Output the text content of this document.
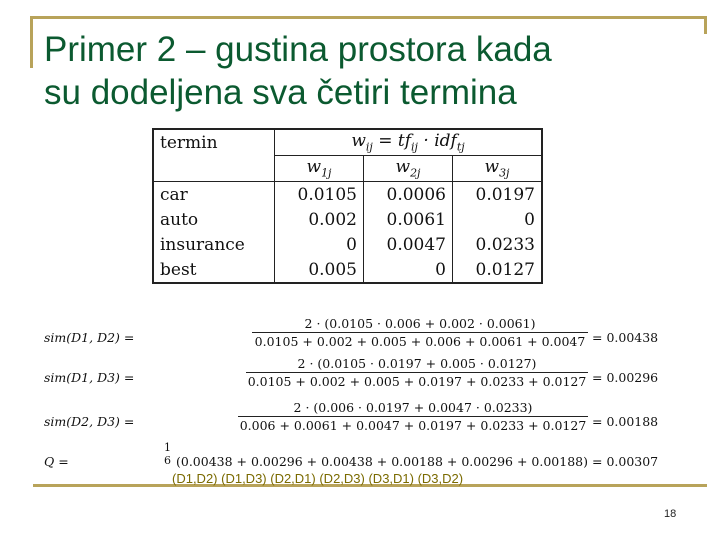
Primer 2 – gustina prostora kada
su dodeljena sva četiri termina
termin	$w_{ij} = tf_{ij} \cdot idf_{tj}$
	$w_{1j}$	$w_{2j}$	$w_{3j}$
car	0.0105	0.0006	0.0197
auto	0.002	0.0061	0
insurance	0	0.0047	0.0233
best	0.005	0	0.0127
sim(D1, D2) =	$\frac{2 \cdot (0.0105 \cdot 0.006 + 0.002 \cdot 0.0061)}{0.0105 + 0.002 + 0.005 + 0.006 + 0.0061 + 0.0047} = 0.00438$
sim(D1, D3) =	$\frac{2 \cdot (0.0105 \cdot 0.0197 + 0.005 \cdot 0.0127)}{0.0105 + 0.002 + 0.005 + 0.0197 + 0.0233 + 0.0127} = 0.00296$
sim(D2, D3) =	$\frac{2 \cdot (0.006 \cdot 0.0197 + 0.0047 \cdot 0.0233)}{0.006 + 0.0061 + 0.0047 + 0.0197 + 0.0233 + 0.0127} = 0.00188$
Q =
1
6 (0.00438 + 0.00296 + 0.00438 + 0.00188 + 0.00296 + 0.00188) = 0.00307
(D1,D2) (D1,D3) (D2,D1) (D2,D3) (D3,D1) (D3,D2)
18
